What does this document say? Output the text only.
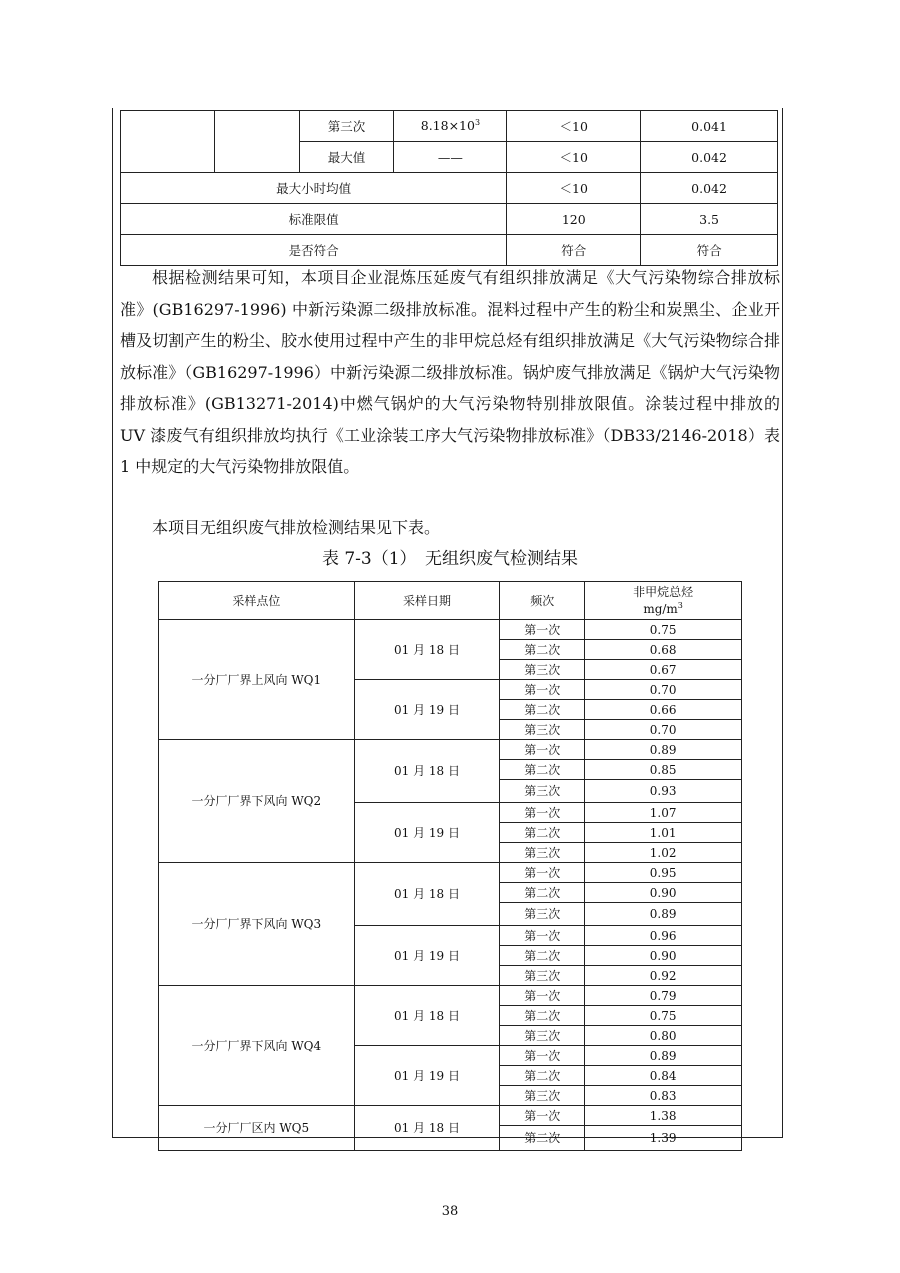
		第三次	$8.18\times 10^3$	＜10	0.041
		最大值	——	＜10	0.042
最大小时均值				＜10	0.042
标准限值				120	3.5
是否符合				符合	符合

根据检测结果可知，本项目企业混炼压延废气有组织排放满足《大气污染物综合排放标准》(GB16297-1996) 中新污染源二级排放标准。混料过程中产生的粉尘和炭黑尘、企业开槽及切割产生的粉尘、胶水使用过程中产生的非甲烷总烃有组织排放满足《大气污染物综合排放标准》（GB16297-1996）中新污染源二级排放标准。锅炉废气排放满足《锅炉大气污染物排放标准》(GB13271-2014)中燃气锅炉的大气污染物特别排放限值。涂装过程中排放的 UV 漆废气有组织排放均执行《工业涂装工序大气污染物排放标准》（DB33/2146-2018）表 1 中规定的大气污染物排放限值。

本项目无组织废气排放检测结果见下表。

表 7-3（1）　无组织废气检测结果
采样点位	采样日期	频次	非甲烷总烃
$mg/m^3$
一分厂厂界上风向 WQ1	01 月 18 日	第一次	0.75
		第二次	0.68
		第三次	0.67
	01 月 19 日	第一次	0.70
		第二次	0.66
		第三次	0.70
一分厂厂界下风向 WQ2	01 月 18 日	第一次	0.89
		第二次	0.85
		第三次	0.93
	01 月 19 日	第一次	1.07
		第二次	1.01
		第三次	1.02
一分厂厂界下风向 WQ3	01 月 18 日	第一次	0.95
		第二次	0.90
		第三次	0.89
	01 月 19 日	第一次	0.96
		第二次	0.90
		第三次	0.92
一分厂厂界下风向 WQ4	01 月 18 日	第一次	0.79
		第二次	0.75
		第三次	0.80
	01 月 19 日	第一次	0.89
		第二次	0.84
		第三次	0.83
一分厂厂区内 WQ5	01 月 18 日	第一次	1.38
		第二次	1.39
38
